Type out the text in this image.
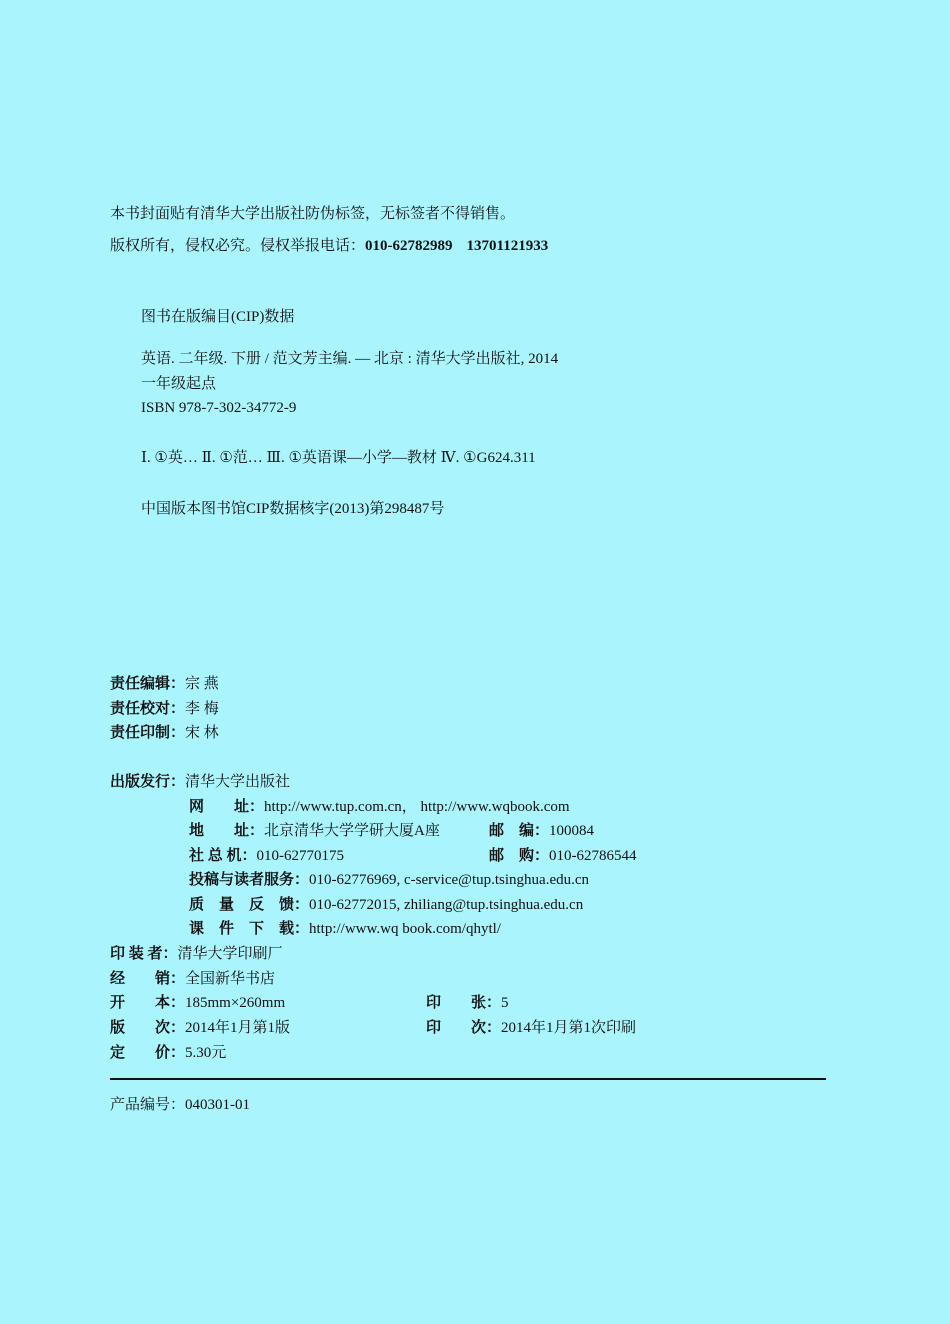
本书封面贴有清华大学出版社防伪标签，无标签者不得销售。
版权所有，侵权必究。侵权举报电话：010-62782989 13701121933
图书在版编目(CIP)数据
英语. 二年级. 下册 / 范文芳主编. — 北京 : 清华大学出版社, 2014
一年级起点
ISBN 978-7-302-34772-9
Ⅰ. ①英… Ⅱ. ①范… Ⅲ. ①英语课—小学—教材 Ⅳ. ①G624.311
中国版本图书馆CIP数据核字(2013)第298487号
责任编辑：宗 燕
责任校对：李 梅
责任印制：宋 林
出版发行：清华大学出版社
网　　址：http://www.tup.com.cn， http://www.wqbook.com
地　　址：北京清华大学学研大厦A座	邮　编：100084
社 总 机：010-62770175	邮　购：010-62786544
投稿与读者服务：010-62776969, c-service@tup.tsinghua.edu.cn
质　量　反　馈：010-62772015, zhiliang@tup.tsinghua.edu.cn
课　件　下　载：http://www.wq book.com/qhytl/
印 装 者：清华大学印刷厂
经　　销：全国新华书店
开　　本：185mm×260mm	印　　张：5
版　　次：2014年1月第1版	印　　次：2014年1月第1次印刷
定　　价：5.30元
产品编号：040301-01
